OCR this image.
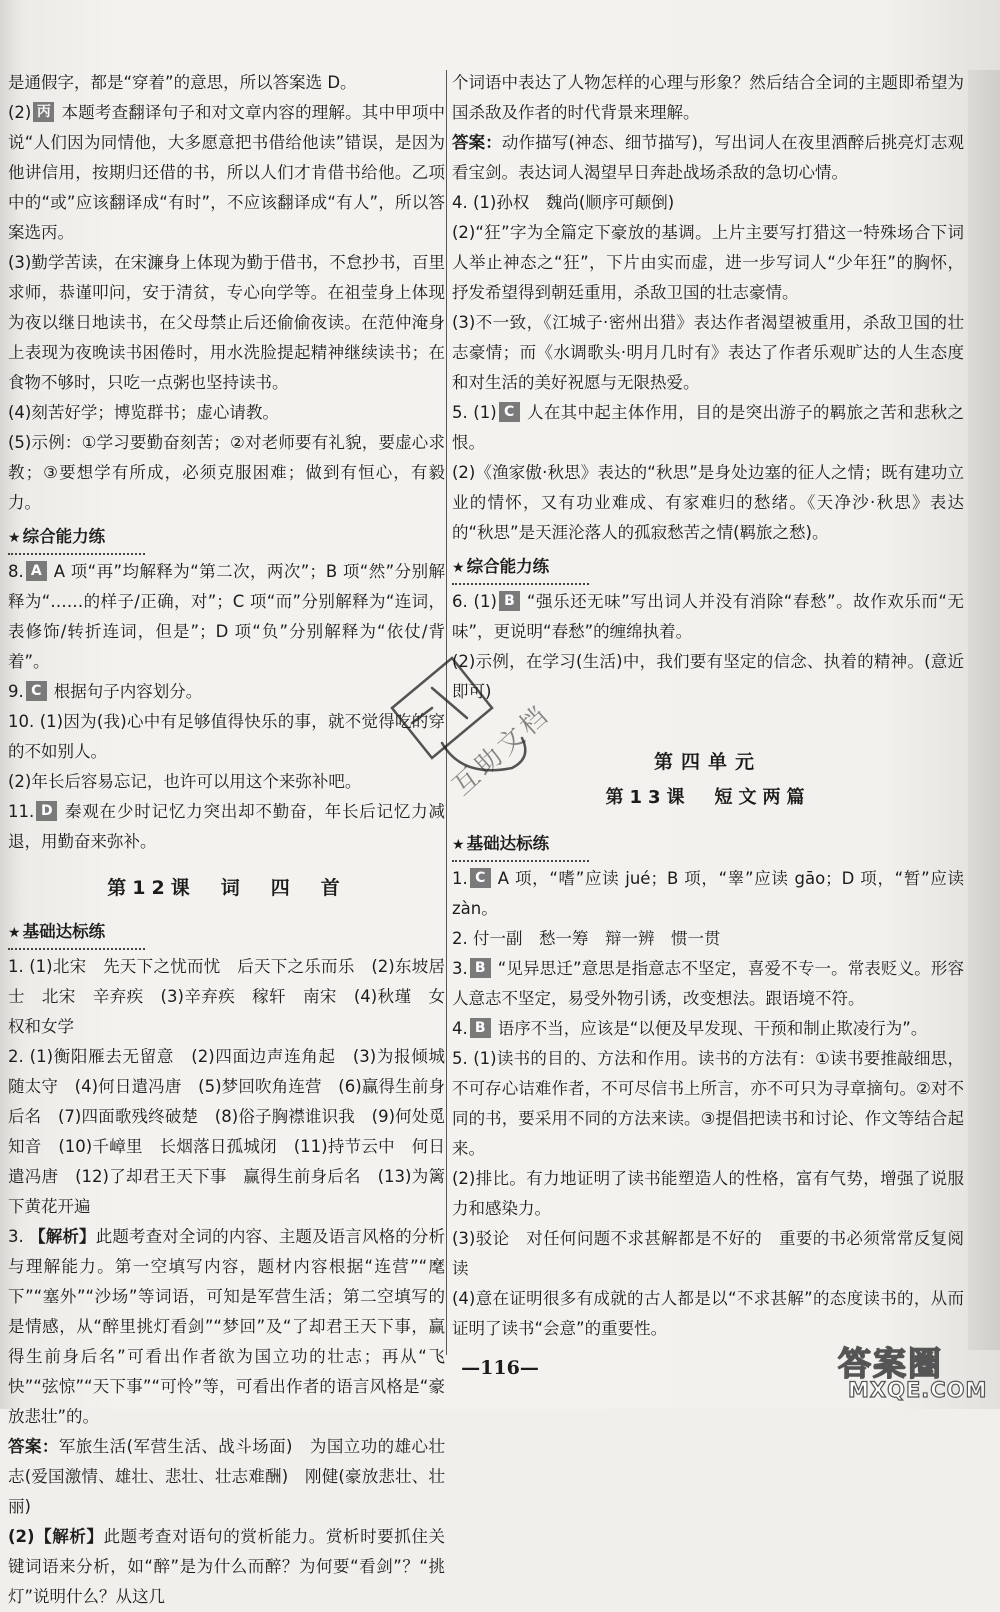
是通假字，都是“穿着”的意思，所以答案选 D。

(2) 丙 本题考查翻译句子和对文章内容的理解。其中甲项中说“人们因为同情他，大多愿意把书借给他读”错误，是因为他讲信用，按期归还借的书，所以人们才肯借书给他。乙项中的“或”应该翻译成“有时”，不应该翻译成“有人”，所以答案选丙。

(3)勤学苦读，在宋濂身上体现为勤于借书，不怠抄书，百里求师，恭谨叩问，安于清贫，专心向学等。在祖莹身上体现为夜以继日地读书，在父母禁止后还偷偷夜读。在范仲淹身上表现为夜晚读书困倦时，用水洗脸提起精神继续读书；在食物不够时，只吃一点粥也坚持读书。

(4)刻苦好学；博览群书；虚心请教。

(5)示例：①学习要勤奋刻苦；②对老师要有礼貌，要虚心求教；③要想学有所成，必须克服困难；做到有恒心，有毅力。

★ 综合能力练

8. A A 项“再”均解释为“第二次，两次”；B 项“然”分别解释为“……的样子/正确，对”；C 项“而”分别解释为“连词，表修饰/转折连词，但是”；D 项“负”分别解释为“依仗/背着”。

9. C 根据句子内容划分。

10. (1)因为(我)心中有足够值得快乐的事，就不觉得吃的穿的不如别人。

(2)年长后容易忘记，也许可以用这个来弥补吧。

11. D 秦观在少时记忆力突出却不勤奋，年长后记忆力减退，用勤奋来弥补。

第12课　词　四　首
★ 基础达标练

1. (1)北宋　先天下之忧而忧　后天下之乐而乐　(2)东坡居士　北宋　辛弃疾　(3)辛弃疾　稼轩　南宋　(4)秋瑾　女权和女学

2. (1)衡阳雁去无留意　(2)四面边声连角起　(3)为报倾城随太守　(4)何日遣冯唐　(5)梦回吹角连营　(6)赢得生前身后名　(7)四面歌残终破楚　(8)俗子胸襟谁识我　(9)何处觅知音　(10)千嶂里　长烟落日孤城闭　(11)持节云中　何日遣冯唐　(12)了却君王天下事　赢得生前身后名　(13)为篱下黄花开遍

3. 【解析】此题考查对全词的内容、主题及语言风格的分析与理解能力。第一空填写内容，题材内容根据“连营”“麾下”“塞外”“沙场”等词语，可知是军营生活；第二空填写的是情感，从“醉里挑灯看剑”“梦回”及“了却君王天下事，赢得生前身后名”可看出作者欲为国立功的壮志；再从“飞快”“弦惊”“天下事”“可怜”等，可看出作者的语言风格是“豪放悲壮”的。

答案：军旅生活(军营生活、战斗场面)　为国立功的雄心壮志(爱国激情、雄壮、悲壮、壮志难酬)　刚健(豪放悲壮、壮丽)

(2)【解析】此题考查对语句的赏析能力。赏析时要抓住关键词语来分析，如“醉”是为什么而醉？为何要“看剑”？“挑灯”说明什么？从这几

个词语中表达了人物怎样的心理与形象？然后结合全词的主题即希望为国杀敌及作者的时代背景来理解。

答案：动作描写(神态、细节描写)，写出词人在夜里酒醉后挑亮灯志观看宝剑。表达词人渴望早日奔赴战场杀敌的急切心情。

4. (1)孙权　魏尚(顺序可颠倒)

(2)“狂”字为全篇定下豪放的基调。上片主要写打猎这一特殊场合下词人举止神态之“狂”，下片由实而虚，进一步写词人“少年狂”的胸怀，抒发希望得到朝廷重用，杀敌卫国的壮志豪情。

(3)不一致，《江城子·密州出猎》表达作者渴望被重用，杀敌卫国的壮志豪情；而《水调歌头·明月几时有》表达了作者乐观旷达的人生态度和对生活的美好祝愿与无限热爱。

5. (1) C 人在其中起主体作用，目的是突出游子的羁旅之苦和悲秋之恨。

(2)《渔家傲·秋思》表达的“秋思”是身处边塞的征人之情；既有建功立业的情怀，又有功业难成、有家难归的愁绪。《天净沙·秋思》表达的“秋思”是天涯沦落人的孤寂愁苦之情(羁旅之愁)。

★ 综合能力练

6. (1) B “强乐还无味”写出词人并没有消除“春愁”。故作欢乐而“无味”，更说明“春愁”的缠绵执着。

(2)示例，在学习(生活)中，我们要有坚定的信念、执着的精神。(意近即可)

第四单元
第13课　短文两篇
★ 基础达标练

1. C A 项，“嗜”应读 jué；B 项，“睾”应读 gāo；D 项，“暂”应读 zàn。

2. 付一副　愁一筹　辩一辨　惯一贯

3. B “见异思迁”意思是指意志不坚定，喜爱不专一。常表贬义。形容人意志不坚定，易受外物引诱，改变想法。跟语境不符。

4. B 语序不当，应该是“以便及早发现、干预和制止欺凌行为”。

5. (1)读书的目的、方法和作用。读书的方法有：①读书要推敲细思，不可存心诘难作者，不可尽信书上所言，亦不可只为寻章摘句。②对不同的书，要采用不同的方法来读。③提倡把读书和讨论、作文等结合起来。

(2)排比。有力地证明了读书能塑造人的性格，富有气势，增强了说服力和感染力。

(3)驳论　对任何问题不求甚解都是不好的　重要的书必须常常反复阅读

(4)意在证明很多有成就的古人都是以“不求甚解”的态度读书的，从而证明了读书“会意”的重要性。

互助文档
—116—	答案圈
MXQE.COM
